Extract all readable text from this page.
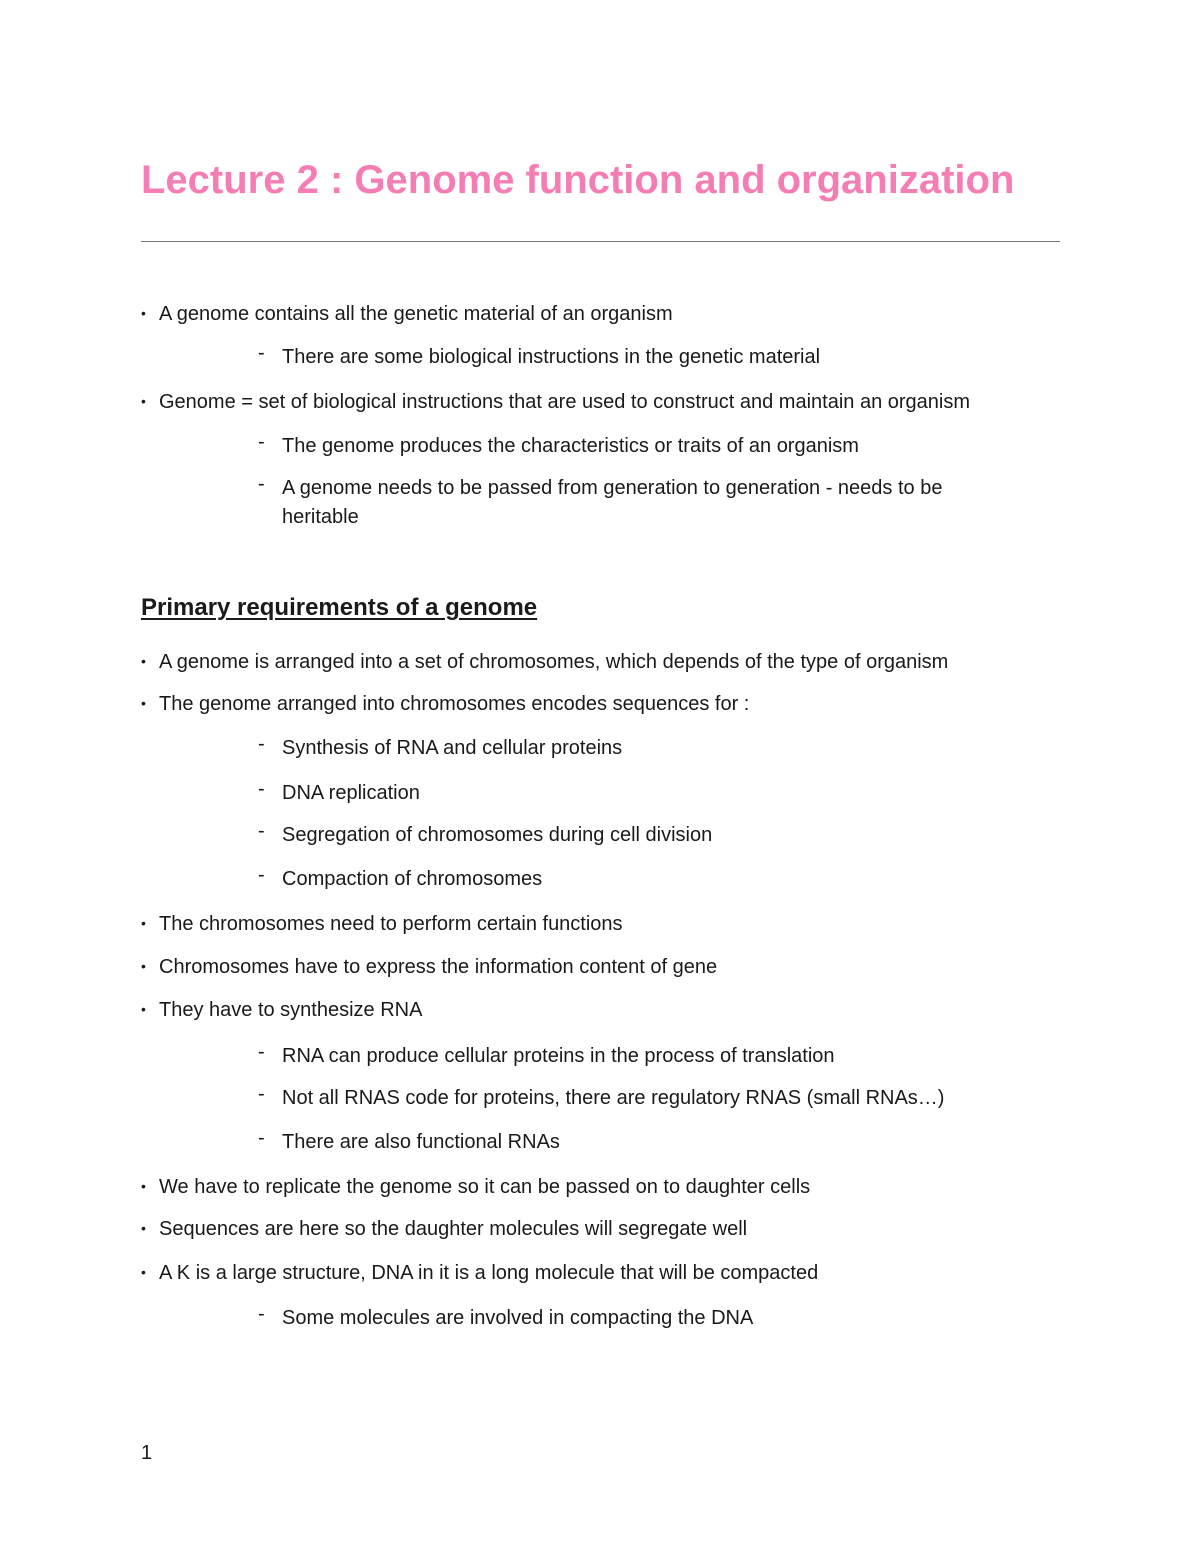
Lecture 2 : Genome function and organization
• A genome contains all the genetic material of an organism
- There are some biological instructions in the genetic material
• Genome = set of biological instructions that are used to construct and maintain an organism
- The genome produces the characteristics or traits of an organism
- A genome needs to be passed from generation to generation - needs to be heritable
Primary requirements of a genome
• A genome is arranged into a set of chromosomes, which depends of the type of organism
• The genome arranged into chromosomes encodes sequences for :
- Synthesis of RNA and cellular proteins
- DNA replication
- Segregation of chromosomes during cell division
- Compaction of chromosomes
• The chromosomes need to perform certain functions
• Chromosomes have to express the information content of gene
• They have to synthesize RNA
- RNA can produce cellular proteins in the process of translation
- Not all RNAS code for proteins, there are regulatory RNAS (small RNAs…)
- There are also functional RNAs
• We have to replicate the genome so it can be passed on to daughter cells
• Sequences are here so the daughter molecules will segregate well
• A K is a large structure, DNA in it is a long molecule that will be compacted
- Some molecules are involved in compacting the DNA
1
